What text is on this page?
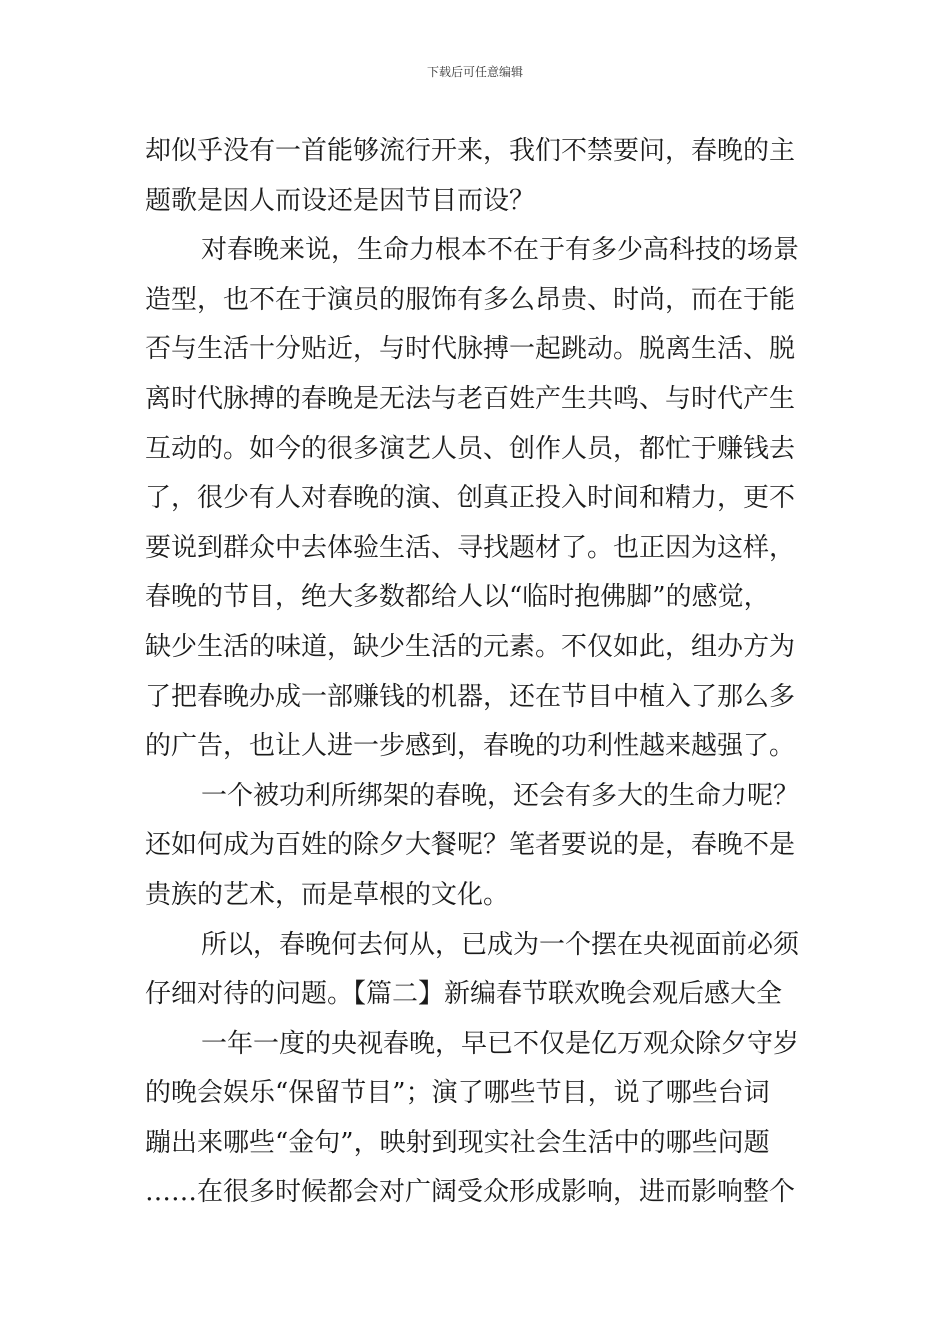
下载后可任意编辑
却似乎没有一首能够流行开来，我们不禁要问，春晚的主
题歌是因人而设还是因节目而设？
对春晚来说，生命力根本不在于有多少高科技的场景
造型，也不在于演员的服饰有多么昂贵、时尚，而在于能
否与生活十分贴近，与时代脉搏一起跳动。脱离生活、脱
离时代脉搏的春晚是无法与老百姓产生共鸣、与时代产生
互动的。如今的很多演艺人员、创作人员，都忙于赚钱去
了，很少有人对春晚的演、创真正投入时间和精力，更不
要说到群众中去体验生活、寻找题材了。也正因为这样，
春晚的节目，绝大多数都给人以“临时抱佛脚”的感觉，
缺少生活的味道，缺少生活的元素。不仅如此，组办方为
了把春晚办成一部赚钱的机器，还在节目中植入了那么多
的广告，也让人进一步感到，春晚的功利性越来越强了。
一个被功利所绑架的春晚，还会有多大的生命力呢？
还如何成为百姓的除夕大餐呢？笔者要说的是，春晚不是
贵族的艺术，而是草根的文化。
所以，春晚何去何从，已成为一个摆在央视面前必须
仔细对待的问题。【篇二】新编春节联欢晚会观后感大全
一年一度的央视春晚，早已不仅是亿万观众除夕守岁
的晚会娱乐“保留节目”；演了哪些节目，说了哪些台词
蹦出来哪些“金句”，映射到现实社会生活中的哪些问题
……在很多时候都会对广阔受众形成影响，进而影响整个
